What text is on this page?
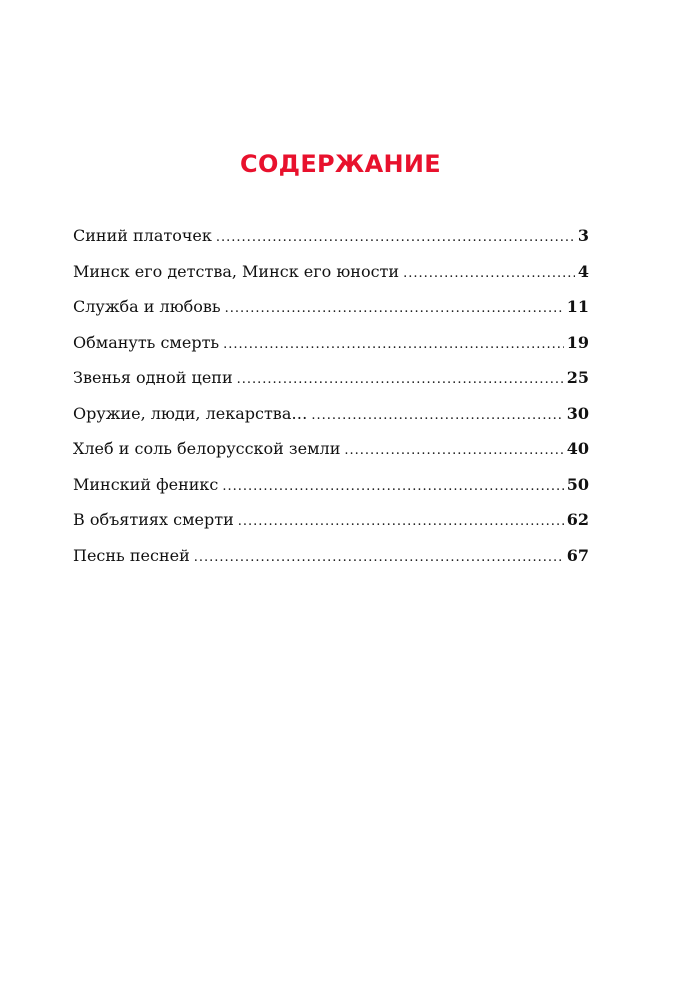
СОДЕРЖАНИЕ
Синий платочек .....	3
Минск его детства, Минск его юности .....	4
Служба и любовь .....	11
Обмануть смерть .....	19
Звенья одной цепи .....	25
Оружие, люди, лекарства… .....	30
Хлеб и соль белорусской земли .....	40
Минский феникс .....	50
В объятиях смерти .....	62
Песнь песней .....	67
